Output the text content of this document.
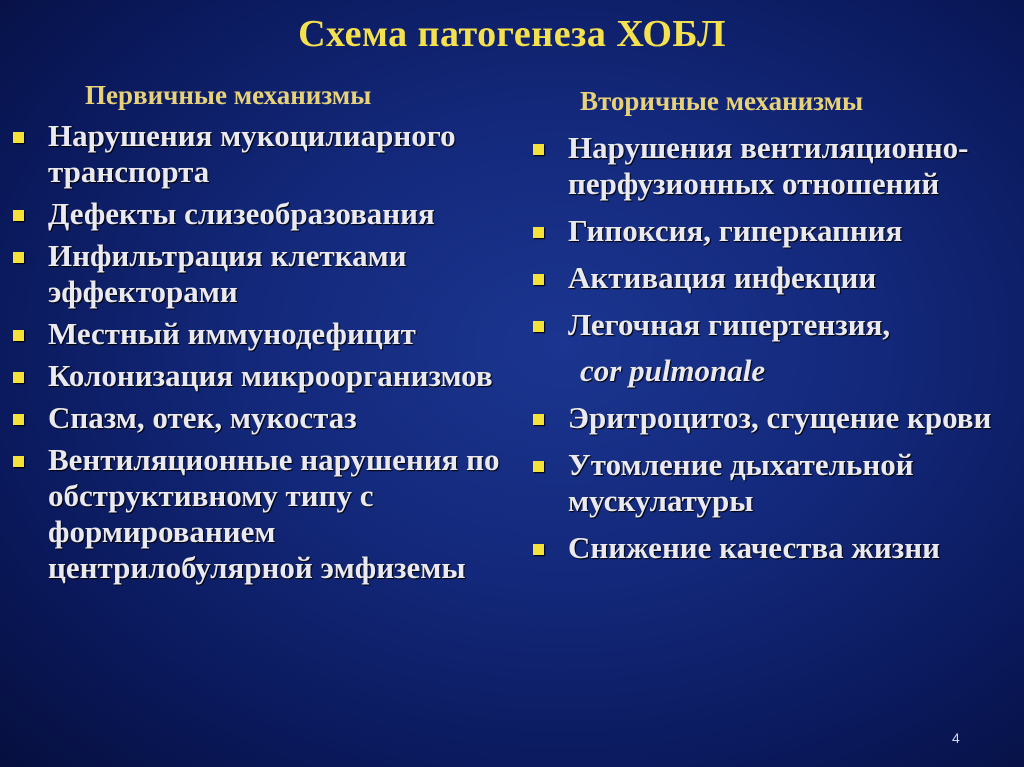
Схема патогенеза ХОБЛ
Первичные механизмы	Вторичные механизмы
Нарушения мукоцилиарного транспорта
Дефекты слизеобразования
Инфильтрация клетками эффекторами
Местный иммунодефицит
Колонизация микроорганизмов
Спазм, отек, мукостаз
Вентиляционные нарушения по обструктивному типу с формированием центрилобулярной эмфиземы
Нарушения вентиляционно-перфузионных отношений
Гипоксия, гиперкапния
Активация инфекции
Легочная гипертензия,
cor pulmonale
Эритроцитоз, сгущение крови
Утомление дыхательной мускулатуры
Снижение качества жизни
4
